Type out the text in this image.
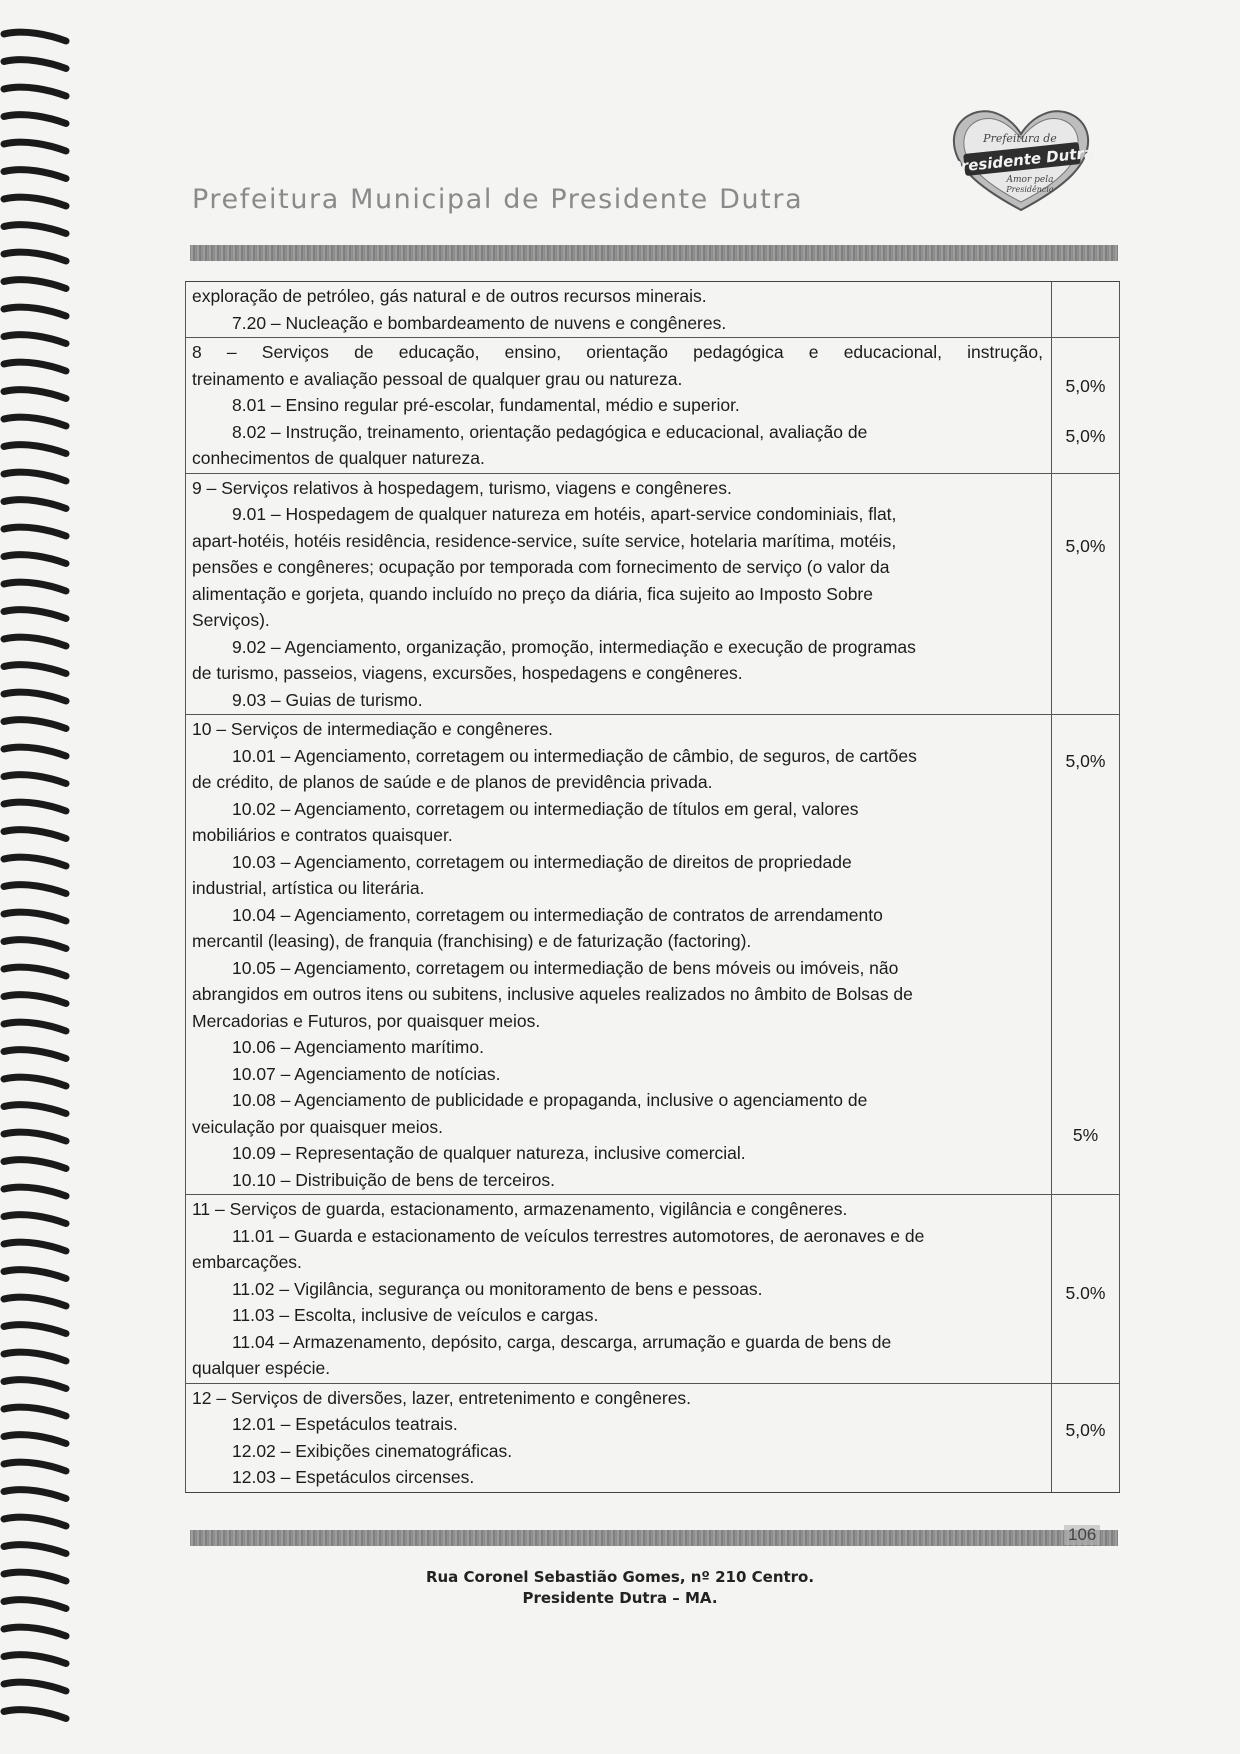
Prefeitura Municipal de Presidente Dutra
Prefeitura de
Presidente Dutra
Amor pela
Presidência
exploração de petróleo, gás natural e de outros recursos minerais.
7.20 – Nucleação e bombardeamento de nuvens e congêneres.
8 – Serviços de educação, ensino, orientação pedagógica e educacional, instrução,
treinamento e avaliação pessoal de qualquer grau ou natureza.
8.01 – Ensino regular pré-escolar, fundamental, médio e superior.
8.02 – Instrução, treinamento, orientação pedagógica e educacional, avaliação de
conhecimentos de qualquer natureza.
5,0%
5,0%
9 – Serviços relativos à hospedagem, turismo, viagens e congêneres.
9.01 – Hospedagem de qualquer natureza em hotéis, apart-service condominiais, flat,
apart-hotéis, hotéis residência, residence-service, suíte service, hotelaria marítima, motéis,
pensões e congêneres; ocupação por temporada com fornecimento de serviço (o valor da
alimentação e gorjeta, quando incluído no preço da diária, fica sujeito ao Imposto Sobre
Serviços).
9.02 – Agenciamento, organização, promoção, intermediação e execução de programas
de turismo, passeios, viagens, excursões, hospedagens e congêneres.
9.03 – Guias de turismo.
5,0%
10 – Serviços de intermediação e congêneres.
10.01 – Agenciamento, corretagem ou intermediação de câmbio, de seguros, de cartões
de crédito, de planos de saúde e de planos de previdência privada.
10.02 – Agenciamento, corretagem ou intermediação de títulos em geral, valores
mobiliários e contratos quaisquer.
10.03 – Agenciamento, corretagem ou intermediação de direitos de propriedade
industrial, artística ou literária.
10.04 – Agenciamento, corretagem ou intermediação de contratos de arrendamento
mercantil (leasing), de franquia (franchising) e de faturização (factoring).
10.05 – Agenciamento, corretagem ou intermediação de bens móveis ou imóveis, não
abrangidos em outros itens ou subitens, inclusive aqueles realizados no âmbito de Bolsas de
Mercadorias e Futuros, por quaisquer meios.
10.06 – Agenciamento marítimo.
10.07 – Agenciamento de notícias.
10.08 – Agenciamento de publicidade e propaganda, inclusive o agenciamento de
veiculação por quaisquer meios.
10.09 – Representação de qualquer natureza, inclusive comercial.
10.10 – Distribuição de bens de terceiros.
5,0%
5%
11 – Serviços de guarda, estacionamento, armazenamento, vigilância e congêneres.
11.01 – Guarda e estacionamento de veículos terrestres automotores, de aeronaves e de
embarcações.
11.02 – Vigilância, segurança ou monitoramento de bens e pessoas.
11.03 – Escolta, inclusive de veículos e cargas.
11.04 – Armazenamento, depósito, carga, descarga, arrumação e guarda de bens de
qualquer espécie.
5.0%
12 – Serviços de diversões, lazer, entretenimento e congêneres.
12.01 – Espetáculos teatrais.
12.02 – Exibições cinematográficas.
12.03 – Espetáculos circenses.
5,0%
106
Rua Coronel Sebastião Gomes, nº 210 Centro.
Presidente Dutra – MA.
